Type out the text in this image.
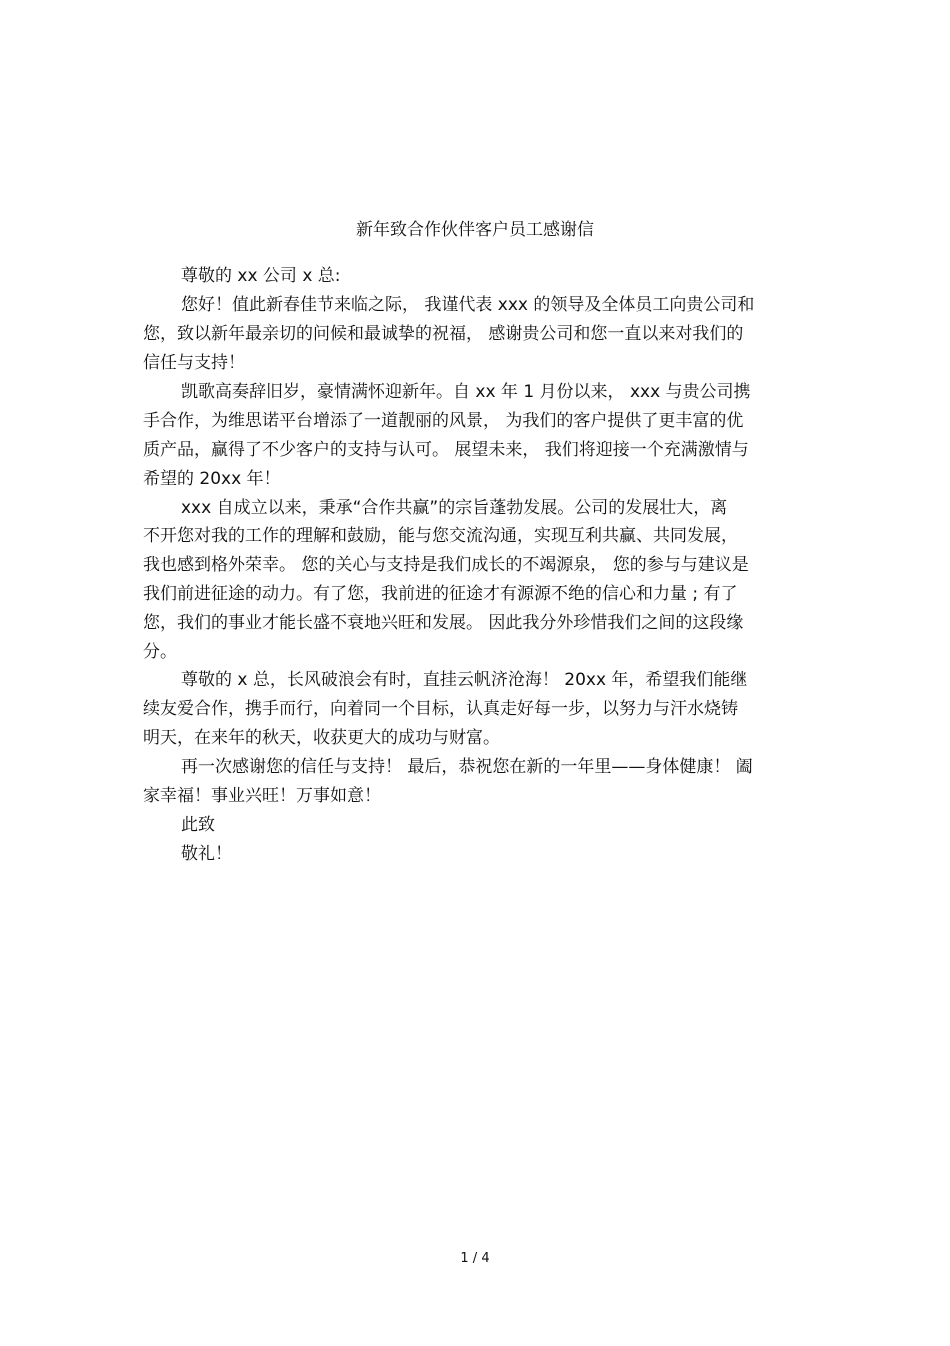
新年致合作伙伴客户员工感谢信
尊敬的 xx 公司 x 总:
您好！值此新春佳节来临之际， 我谨代表 xxx 的领导及全体员工向贵公司和
您，致以新年最亲切的问候和最诚挚的祝福， 感谢贵公司和您一直以来对我们的
信任与支持！
凯歌高奏辞旧岁，豪情满怀迎新年。自 xx 年 1 月份以来， xxx 与贵公司携
手合作，为维思诺平台增添了一道靓丽的风景， 为我们的客户提供了更丰富的优
质产品，赢得了不少客户的支持与认可。 展望未来， 我们将迎接一个充满激情与
希望的 20xx 年！
xxx 自成立以来，秉承“合作共赢”的宗旨蓬勃发展。公司的发展壮大，离
不开您对我的工作的理解和鼓励，能与您交流沟通，实现互利共赢、共同发展，
我也感到格外荣幸。 您的关心与支持是我们成长的不竭源泉， 您的参与与建议是
我们前进征途的动力。有了您，我前进的征途才有源源不绝的信心和力量 ; 有了
您，我们的事业才能长盛不衰地兴旺和发展。 因此我分外珍惜我们之间的这段缘
分。
尊敬的 x 总，长风破浪会有时，直挂云帆济沧海！ 20xx 年，希望我们能继
续友爱合作，携手而行，向着同一个目标，认真走好每一步，以努力与汗水烧铸
明天，在来年的秋天，收获更大的成功与财富。
再一次感谢您的信任与支持！ 最后，恭祝您在新的一年里——身体健康！ 阖
家幸福！事业兴旺！万事如意！
此致
敬礼！
1 / 4
